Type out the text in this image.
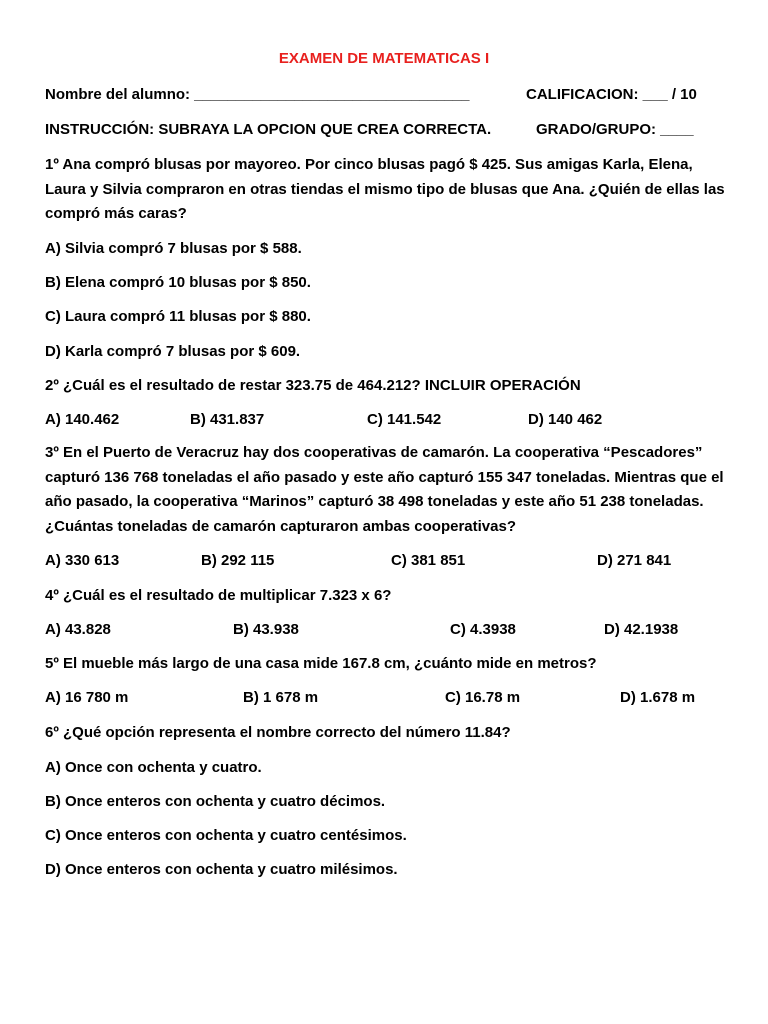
EXAMEN DE MATEMATICAS I
Nombre del alumno: _________________________________	CALIFICACION: ___ / 10
INSTRUCCIÓN: SUBRAYA LA OPCION QUE CREA CORRECTA.	GRADO/GRUPO: ____
1º Ana compró blusas por mayoreo. Por cinco blusas pagó $ 425. Sus amigas Karla, Elena, Laura y Silvia compraron en otras tiendas el mismo tipo de blusas que Ana. ¿Quién de ellas las compró más caras?
A) Silvia compró 7 blusas por $ 588.
B) Elena compró 10 blusas por $ 850.
C) Laura compró 11 blusas por $ 880.
D) Karla compró 7 blusas por $ 609.
2º ¿Cuál es el resultado de restar 323.75 de 464.212? INCLUIR OPERACIÓN
A) 140.462	B) 431.837	C) 141.542	D) 140 462
3º En el Puerto de Veracruz hay dos cooperativas de camarón. La cooperativa “Pescadores” capturó 136 768 toneladas el año pasado y este año capturó 155 347 toneladas. Mientras que el año pasado, la cooperativa “Marinos” capturó 38 498 toneladas y este año 51 238 toneladas. ¿Cuántas toneladas de camarón capturaron ambas cooperativas?
A) 330 613	B) 292 115	C) 381 851	D) 271 841
4º ¿Cuál es el resultado de multiplicar 7.323 x 6?
A) 43.828	B) 43.938	C) 4.3938	D) 42.1938
5º El mueble más largo de una casa mide 167.8 cm, ¿cuánto mide en metros?
A) 16 780 m	B) 1 678 m	C) 16.78 m	D) 1.678 m
6º ¿Qué opción representa el nombre correcto del número 11.84?
A) Once con ochenta y cuatro.
B) Once enteros con ochenta y cuatro décimos.
C) Once enteros con ochenta y cuatro centésimos.
D) Once enteros con ochenta y cuatro milésimos.
